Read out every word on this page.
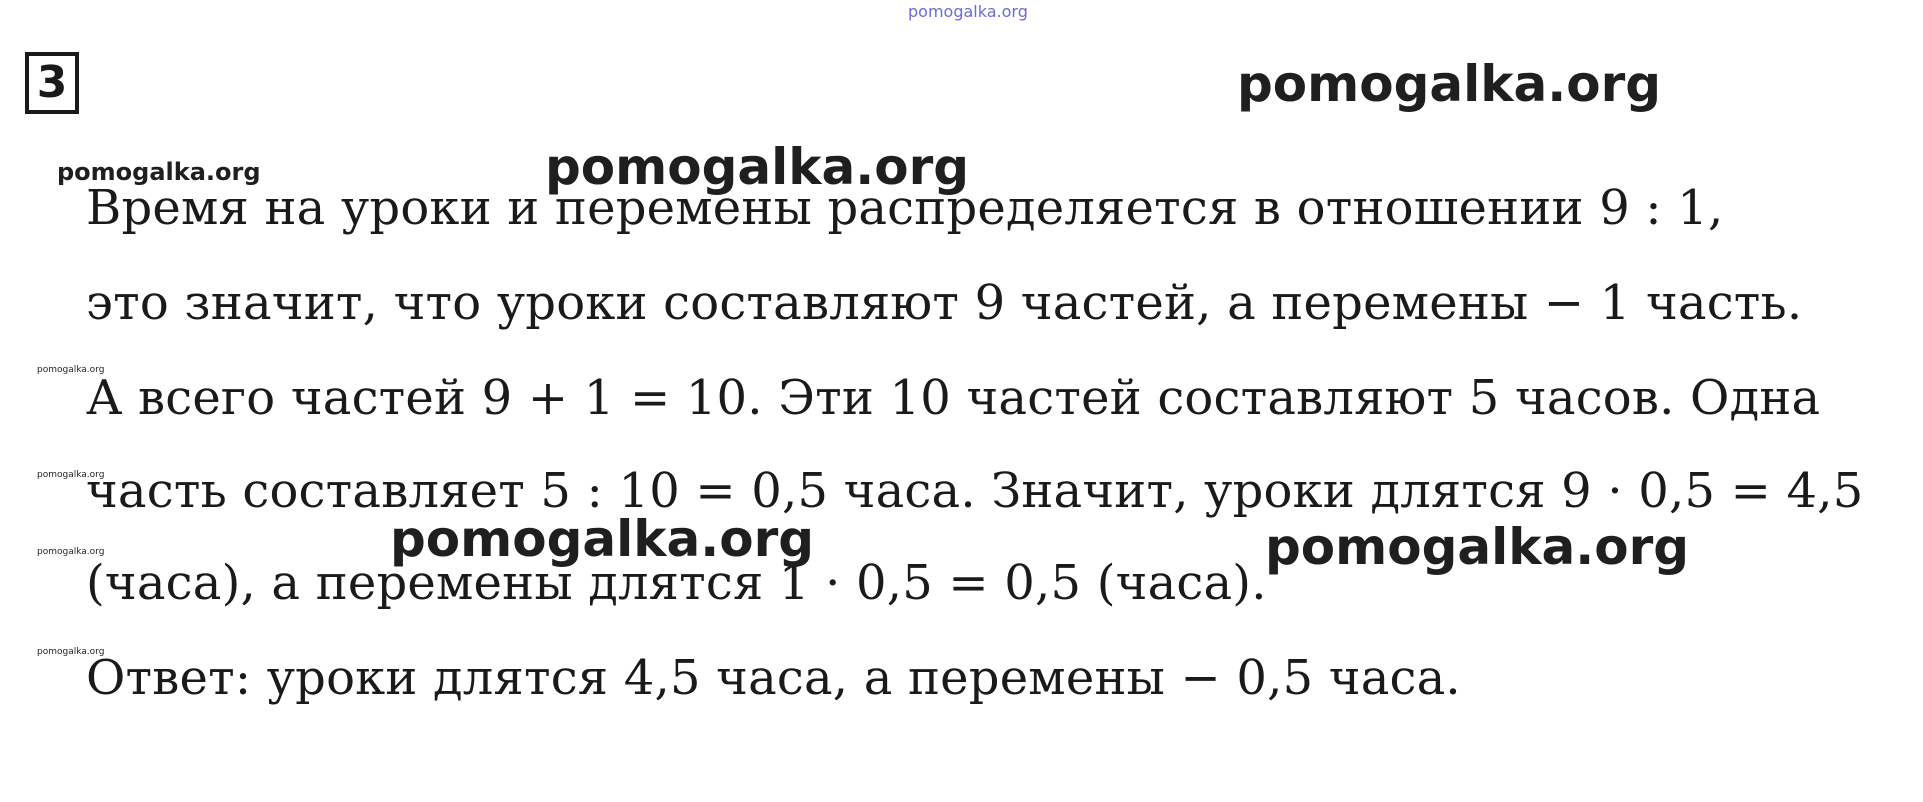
3
Время на уроки и перемены распределяется в отношении 9 : 1,
это значит, что уроки составляют 9 частей, а перемены − 1 часть.
А всего частей 9 + 1 = 10. Эти 10 частей составляют 5 часов. Одна
часть составляет 5 : 10 = 0,5 часа. Значит, уроки длятся 9 · 0,5 = 4,5
(часа), а перемены длятся 1 · 0,5 = 0,5 (часа).
Ответ: уроки длятся 4,5 часа, а перемены − 0,5 часа.
pomogalka.org
pomogalka.org
pomogalka.org
pomogalka.org
pomogalka.org	pomogalka.org
pomogalka.org
pomogalka.org
pomogalka.org
pomogalka.org
